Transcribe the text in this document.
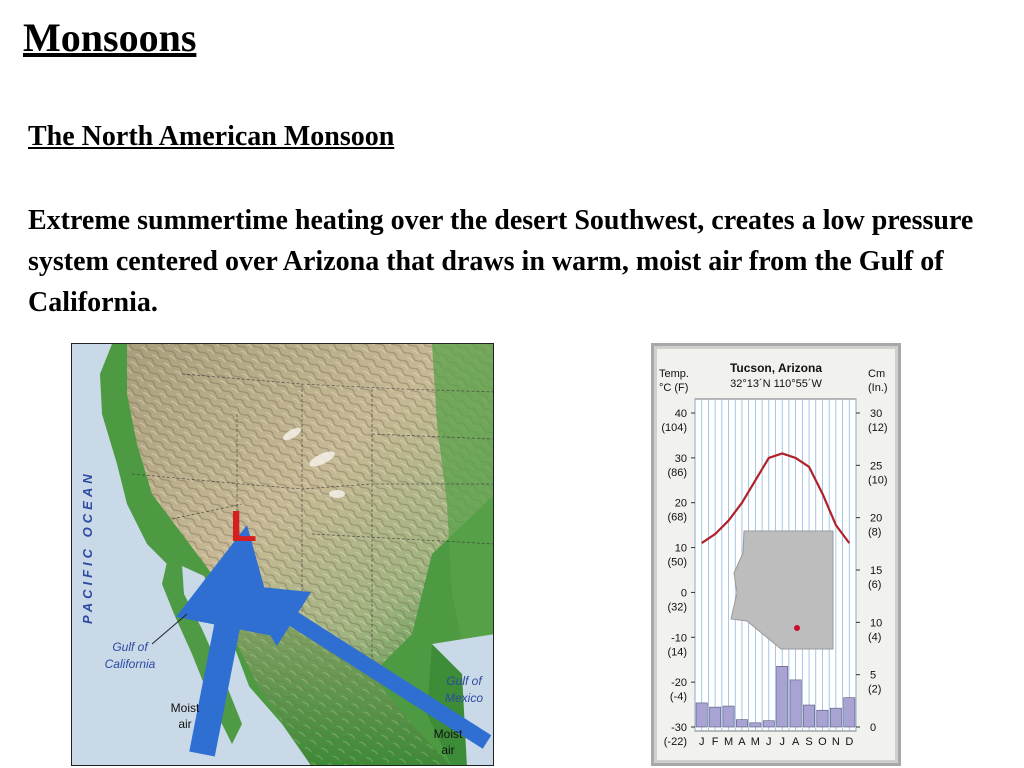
Monsoons
The North American Monsoon
Extreme summertime heating over the desert Southwest, creates a low pressure system centered over Arizona that draws in warm, moist air from the Gulf of California.
PACIFIC OCEAN	L
Gulf of
California
Gulf of
Mexico
Moist
air
Moist
air
Tucson, Arizona
32°13´N 110°55´W
Temp.
°C (F)
Cm
(In.)
40
(104)
30
(86)
20
(68)
10
(50)
0
(32)
-10
(14)
-20
(-4)
-30
(-22)
30
(12)
25
(10)
20
(8)
15
(6)
10
(4)
5
(2)
0
J F M A M J J A S O N D
